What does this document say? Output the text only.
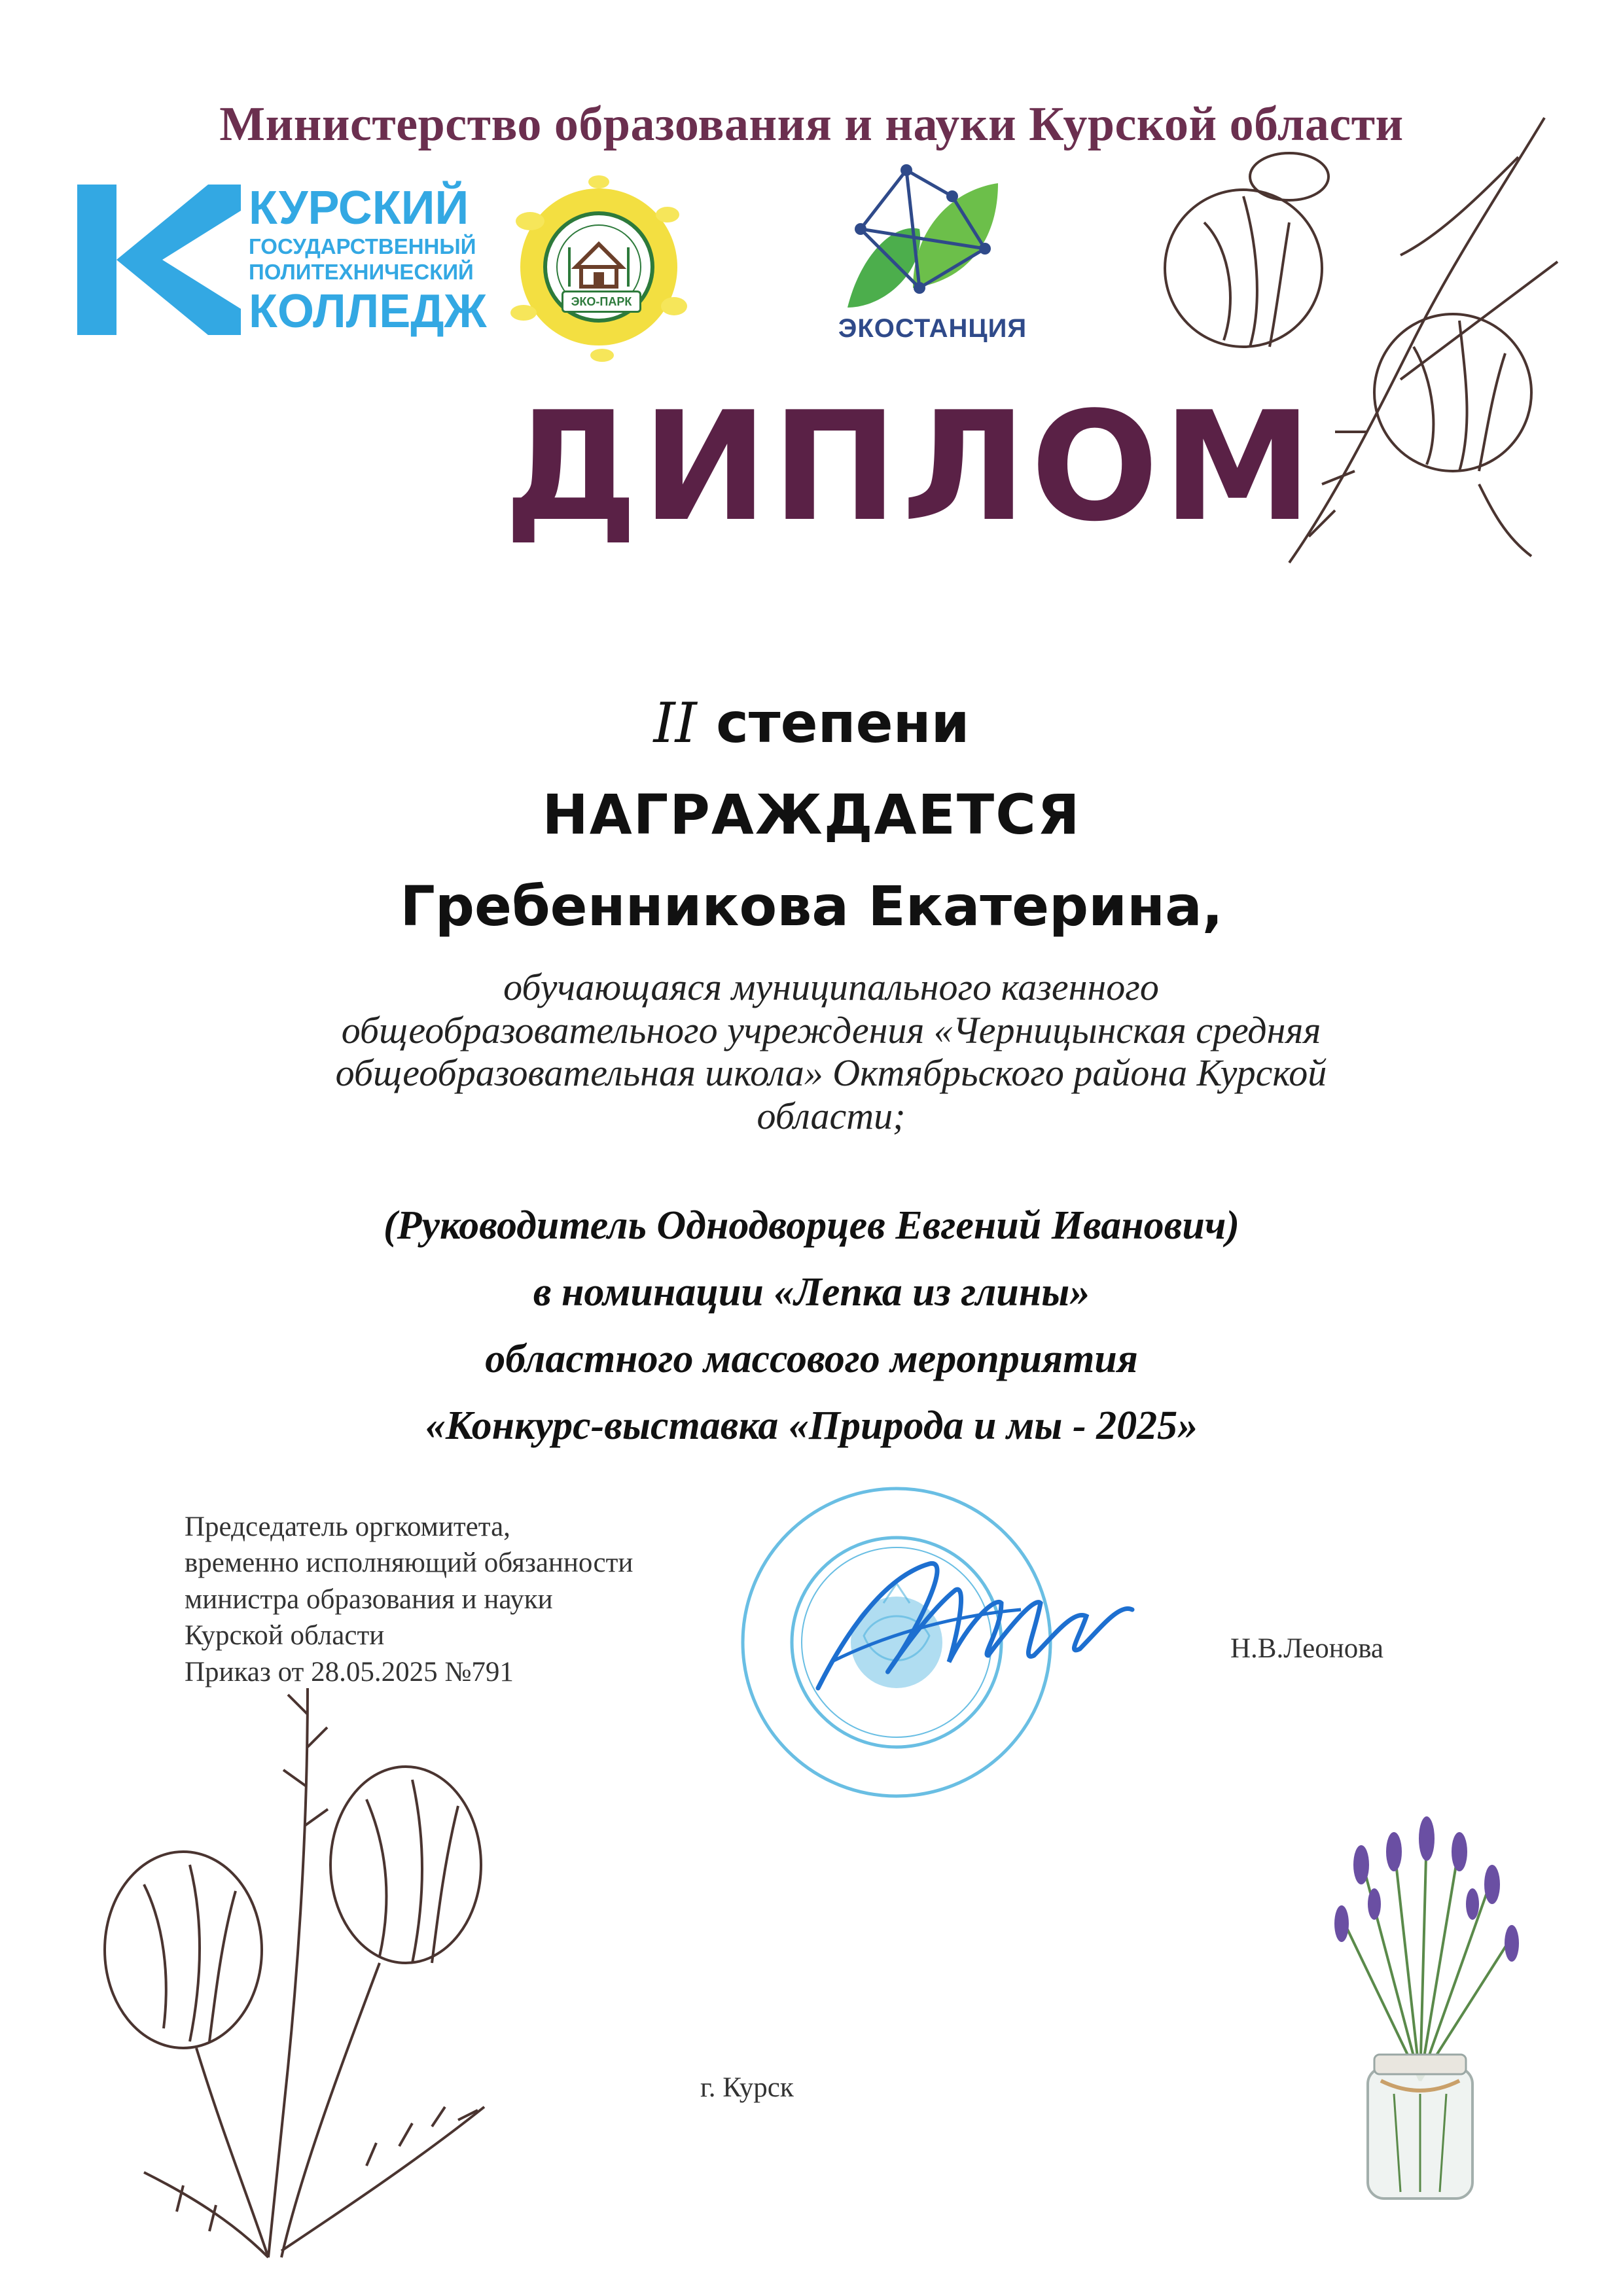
Министерство образования и науки Курской области
КУРСКИЙ
ГОСУДАРСТВЕННЫЙ
ПОЛИТЕХНИЧЕСКИЙ
КОЛЛЕДЖ	ЭКО-ПАРК
ЭКОСТАНЦИЯ
ДИПЛОМ
II степени
НАГРАЖДАЕТСЯ
Гребенникова Екатерина,
обучающаяся муниципального казенного
общеобразовательного учреждения «Черницынская средняя
общеобразовательная школа» Октябрьского района Курской
области;
(Руководитель Однодворцев Евгений Иванович)
в номинации «Лепка из глины»
областного массового мероприятия
«Конкурс-выставка «Природа и мы - 2025»
Председатель оргкомитета,
временно исполняющий обязанности
министра образования и науки
Курской области
Приказ от 28.05.2025 №791
Н.В.Леонова
г. Курск
